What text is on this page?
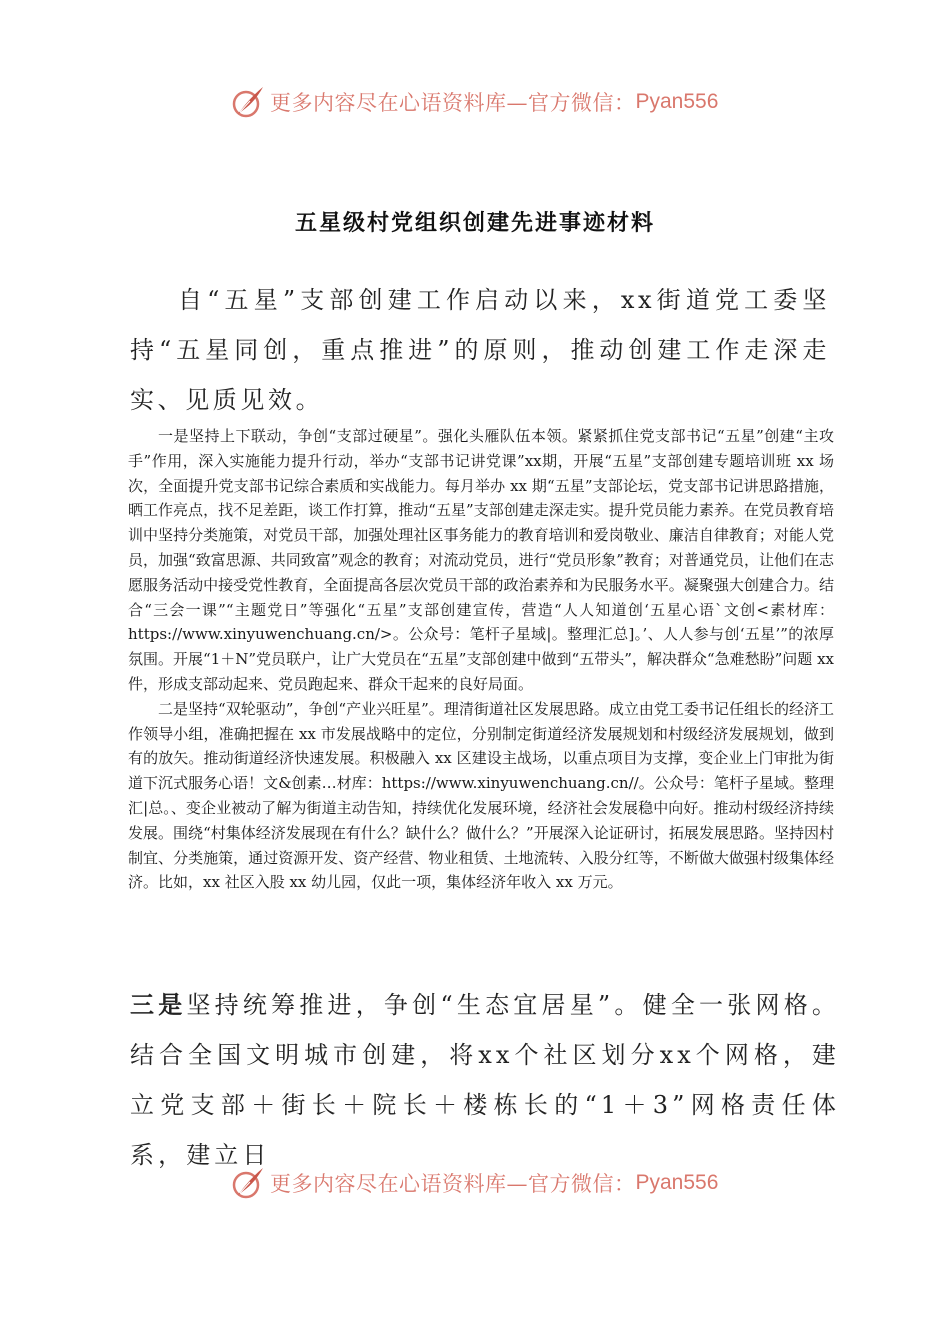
更多内容尽在心语资料库—官方微信： Pyan556
五星级村党组织创建先进事迹材料

自“五星”支部创建工作启动以来，xx街道党工委坚持“五星同创，重点推进”的原则，推动创建工作走深走实、见质见效。

一是坚持上下联动，争创“支部过硬星”。强化头雁队伍本领。紧紧抓住党支部书记“五星”创建“主攻手”作用，深入实施能力提升行动，举办“支部书记讲党课”xx期，开展“五星”支部创建专题培训班 xx 场次，全面提升党支部书记综合素质和实战能力。每月举办 xx 期“五星”支部论坛，党支部书记讲思路措施，晒工作亮点，找不足差距，谈工作打算，推动“五星”支部创建走深走实。提升党员能力素养。在党员教育培训中坚持分类施策，对党员干部，加强处理社区事务能力的教育培训和爱岗敬业、廉洁自律教育；对能人党员，加强“致富思源、共同致富”观念的教育；对流动党员，进行“党员形象”教育；对普通党员，让他们在志愿服务活动中接受党性教育，全面提高各层次党员干部的政治素养和为民服务水平。凝聚强大创建合力。结合“三会一课”“主题党日”等强化“五星”支部创建宣传，营造“人人知道创‘五星心语`文创<素材库：https://www.xinyuwenchuang.cn/>。公众号：笔杆子星域|。整理汇总]。’、人人参与创‘五星’”的浓厚氛围。开展“1＋N”党员联户，让广大党员在“五星”支部创建中做到“五带头”，解决群众“急难愁盼”问题 xx 件，形成支部动起来、党员跑起来、群众干起来的良好局面。

二是坚持“双轮驱动”，争创“产业兴旺星”。理清街道社区发展思路。成立由党工委书记任组长的经济工作领导小组，准确把握在 xx 市发展战略中的定位，分别制定街道经济发展规划和村级经济发展规划，做到有的放矢。推动街道经济快速发展。积极融入 xx 区建设主战场，以重点项目为支撑，变企业上门审批为街道下沉式服务心语！文&创素…材库：https://www.xinyuwenchuang.cn//。公众号：笔杆子星域。整理汇|总。、变企业被动了解为街道主动告知，持续优化发展环境，经济社会发展稳中向好。推动村级经济持续发展。围绕“村集体经济发展现在有什么？缺什么？做什么？”开展深入论证研讨，拓展发展思路。坚持因村制宜、分类施策，通过资源开发、资产经营、物业租赁、土地流转、入股分红等，不断做大做强村级集体经济。比如，xx 社区入股 xx 幼儿园，仅此一项，集体经济年收入 xx 万元。

三是坚持统筹推进，争创“生态宜居星”。健全一张网格。结合全国文明城市创建，将xx个社区划分xx个网格，建立党支部＋街长＋院长＋楼栋长的“1＋3”网格责任体系，建立日

更多内容尽在心语资料库—官方微信： Pyan556
